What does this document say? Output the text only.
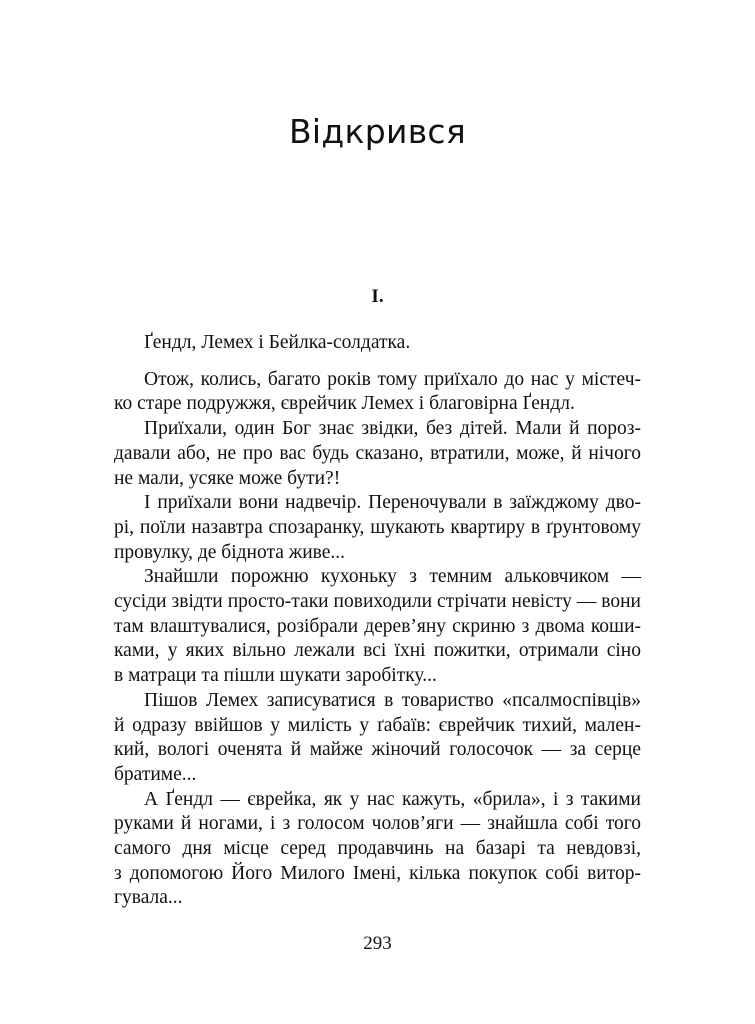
Відкрився
I.
Ґендл, Лемех і Бейлка-солдатка.
Отож, колись, багато років тому приїхало до нас у містеч-
ко старе подружжя, єврейчик Лемех і благовірна Ґендл.
Приїхали, один Бог знає звідки, без дітей. Мали й пороз-
давали або, не про вас будь сказано, втратили, може, й нічого
не мали, усяке може бути?!
І приїхали вони надвечір. Переночували в заїжджому дво-
рі, поїли назавтра спозаранку, шукають квартиру в ґрунтовому
провулку, де біднота живе...
Знайшли порожню кухоньку з темним альковчиком —
сусіди звідти просто-таки повиходили стрічати невісту — вони
там влаштувалися, розібрали дерев’яну скриню з двома коши-
ками, у яких вільно лежали всі їхні пожитки, отримали сіно
в матраци та пішли шукати заробітку...
Пішов Лемех записуватися в товариство «псалмоспівців»
й одразу ввійшов у милість у ґабаїв: єврейчик тихий, мален-
кий, вологі оченята й майже жіночий голосочок — за серце
братиме...
А Ґендл — єврейка, як у нас кажуть, «брила», і з такими
руками й ногами, і з голосом чолов’яги — знайшла собі того
самого дня місце серед продавчинь на базарі та невдовзі,
з допомогою Його Милого Імені, кілька покупок собі витор-
гувала...
293
